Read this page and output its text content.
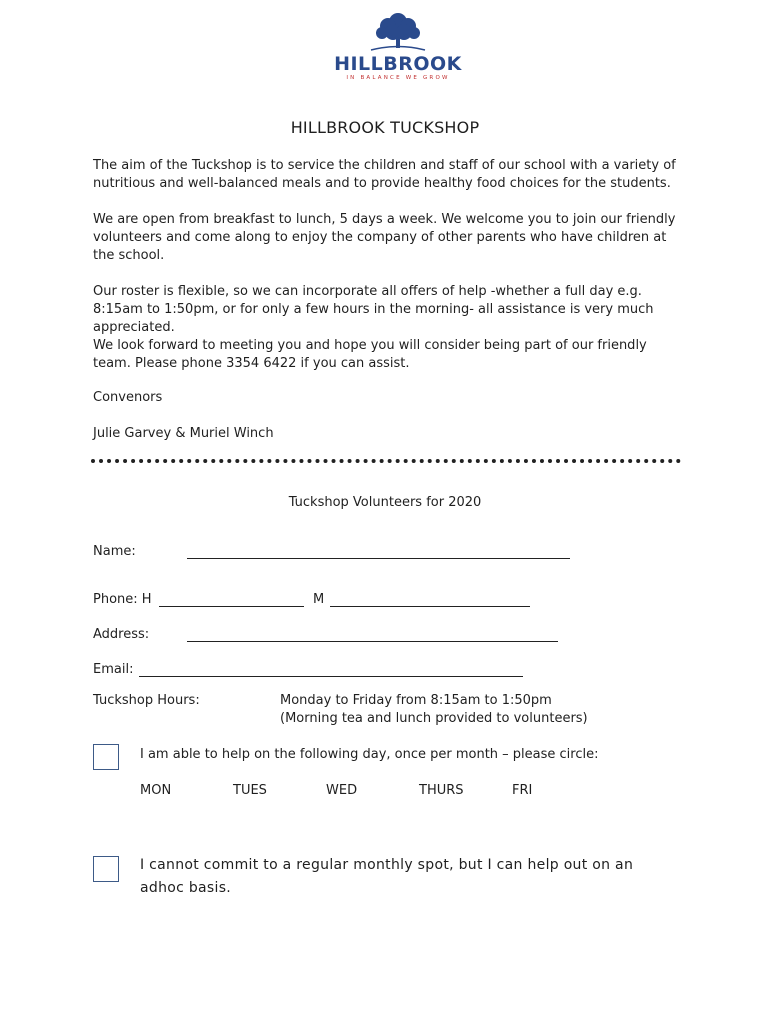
HILLBROOK
IN BALANCE WE GROW
HILLBROOK TUCKSHOP

The aim of the Tuckshop is to service the children and staff of our school with a variety of nutritious and well-balanced meals and to provide healthy food choices for the students.

We are open from breakfast to lunch, 5 days a week. We welcome you to join our friendly volunteers and come along to enjoy the company of other parents who have children at the school.

Our roster is flexible, so we can incorporate all offers of help -whether a full day e.g. 8:15am to 1:50pm, or for only a few hours in the morning- all assistance is very much appreciated.

We look forward to meeting you and hope you will consider being part of our friendly team. Please phone 3354 6422 if you can assist.

Convenors

Julie Garvey & Muriel Winch

Tuckshop Volunteers for 2020
Name:
Phone: H	M
Address:
Email:
Tuckshop Hours:	Monday to Friday from 8:15am to 1:50pm
(Morning tea and lunch provided to volunteers)
I am able to help on the following day, once per month – please circle:
MON	TUES	WED	THURS	FRI
I cannot commit to a regular monthly spot, but I can help out on an adhoc basis.
